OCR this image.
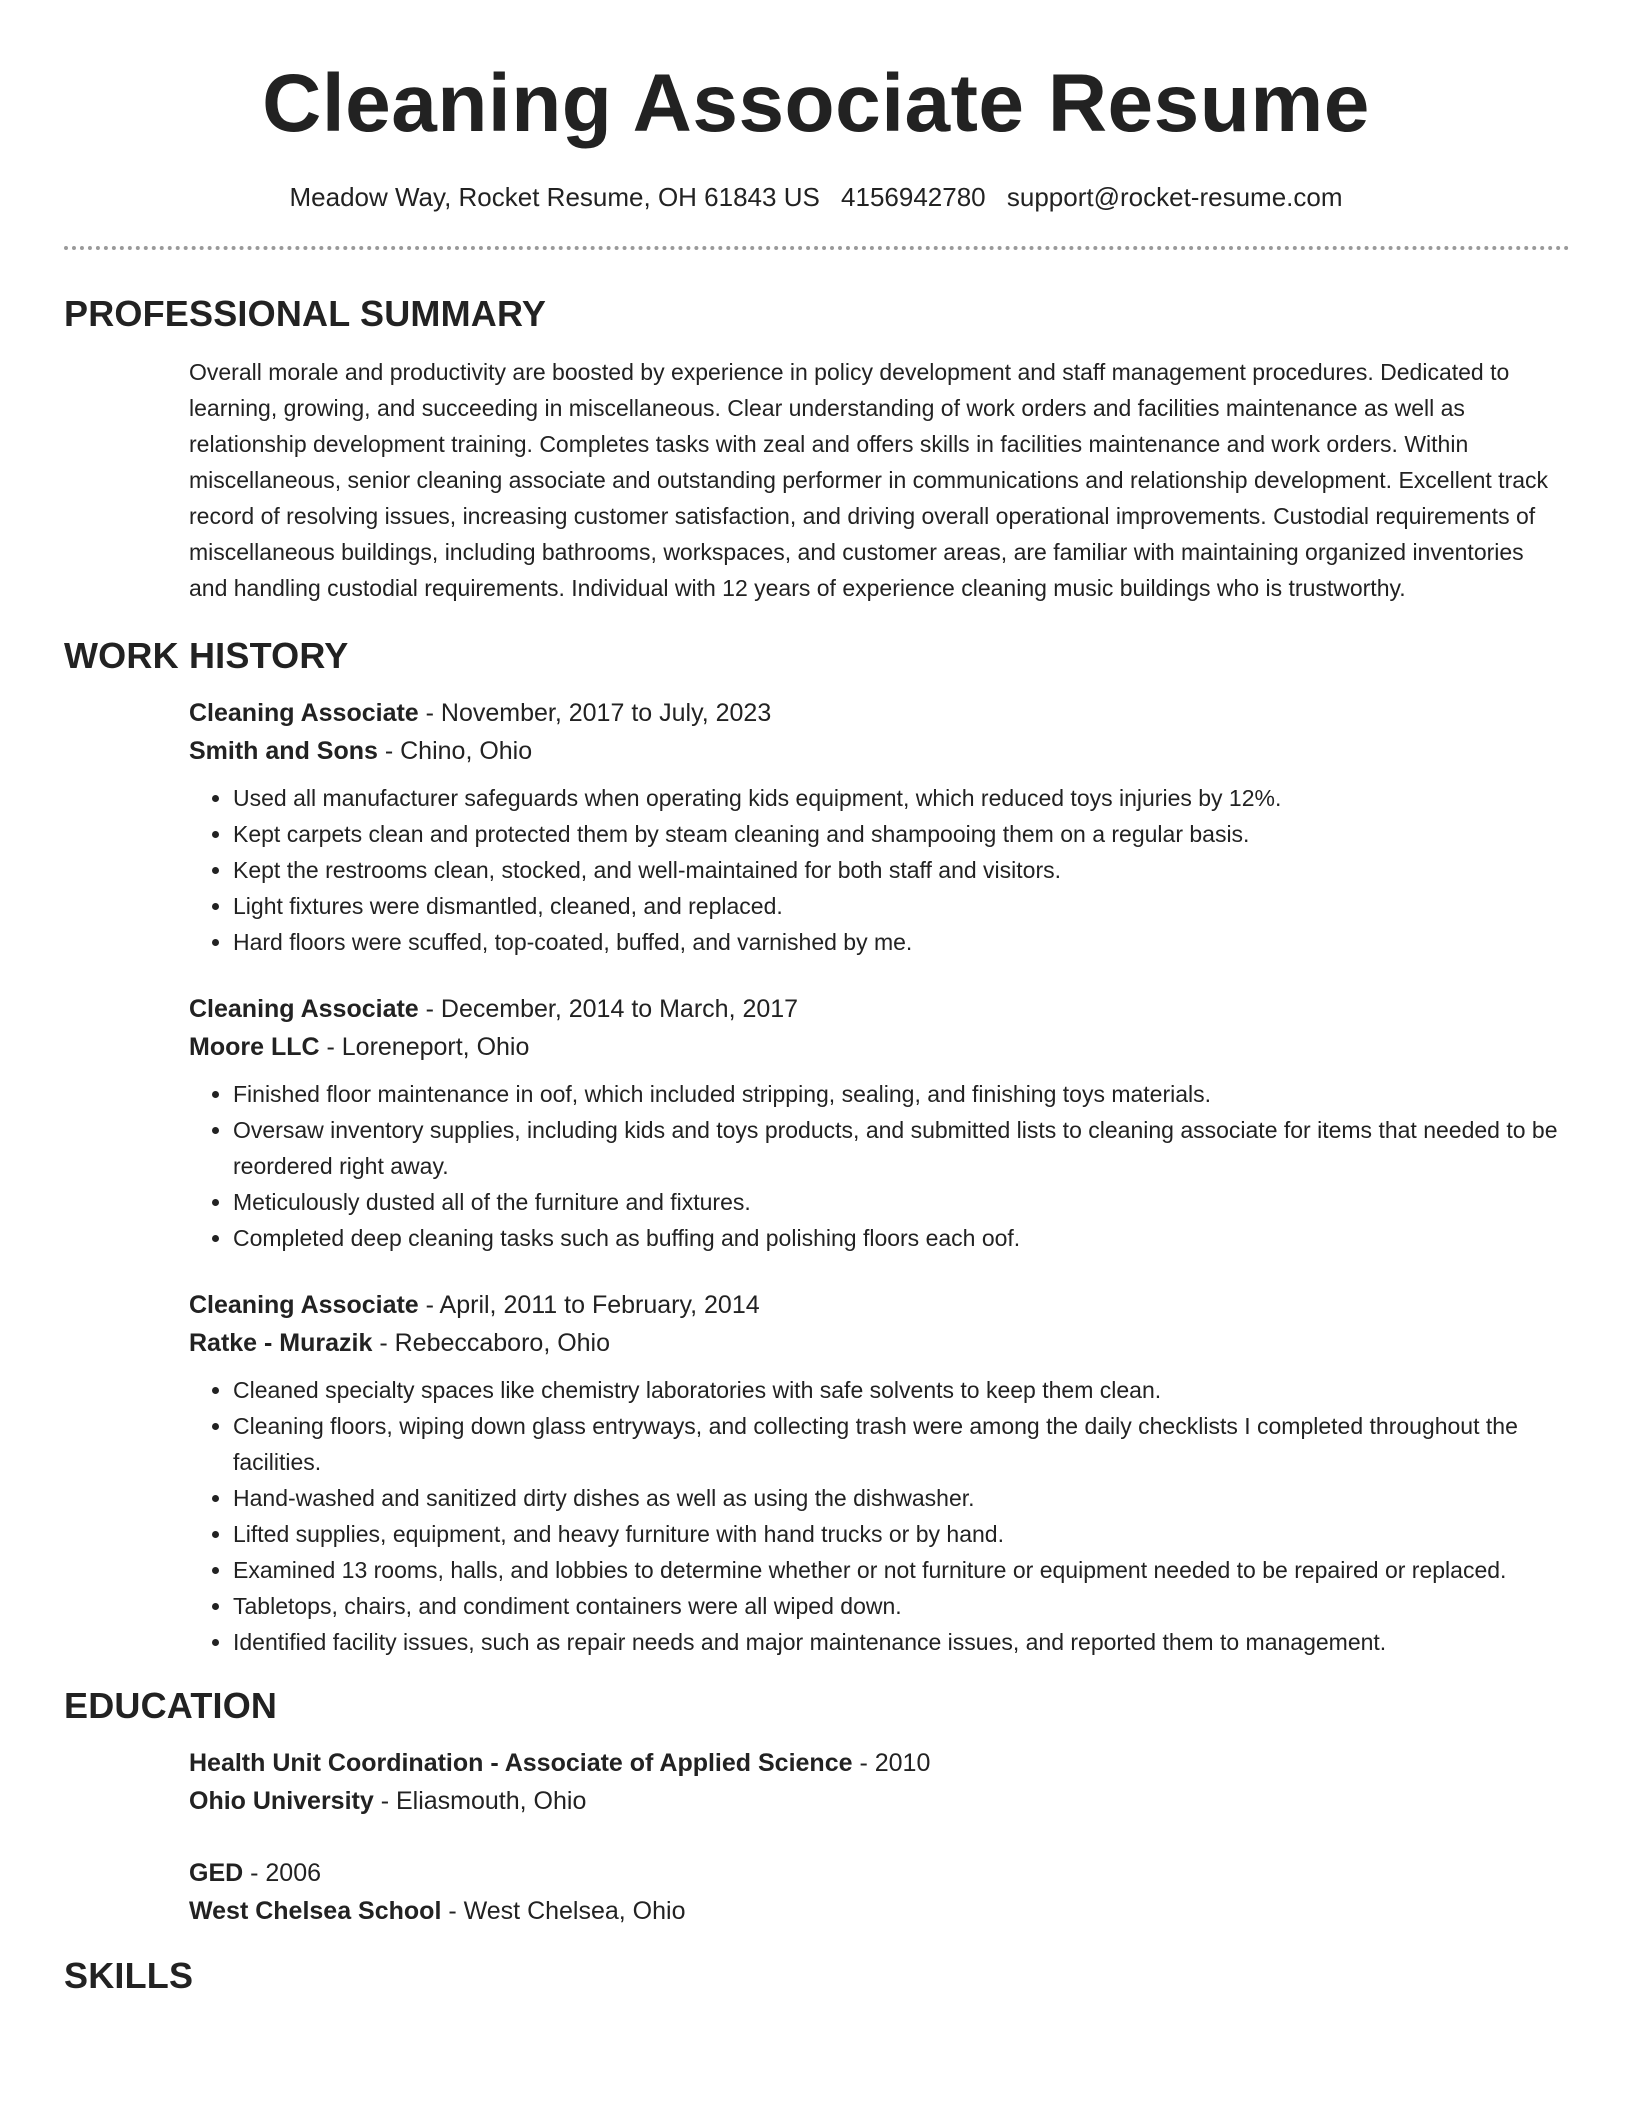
Cleaning Associate Resume
Meadow Way, Rocket Resume, OH 61843 US 4156942780 support@rocket-resume.com
PROFESSIONAL SUMMARY

Overall morale and productivity are boosted by experience in policy development and staff management procedures. Dedicated to learning, growing, and succeeding in miscellaneous. Clear understanding of work orders and facilities maintenance as well as relationship development training. Completes tasks with zeal and offers skills in facilities maintenance and work orders. Within miscellaneous, senior cleaning associate and outstanding performer in communications and relationship development. Excellent track record of resolving issues, increasing customer satisfaction, and driving overall operational improvements. Custodial requirements of miscellaneous buildings, including bathrooms, workspaces, and customer areas, are familiar with maintaining organized inventories and handling custodial requirements. Individual with 12 years of experience cleaning music buildings who is trustworthy.

WORK HISTORY
Cleaning Associate - November, 2017 to July, 2023
Smith and Sons - Chino, Ohio
• Used all manufacturer safeguards when operating kids equipment, which reduced toys injuries by 12%.
• Kept carpets clean and protected them by steam cleaning and shampooing them on a regular basis.
• Kept the restrooms clean, stocked, and well-maintained for both staff and visitors.
• Light fixtures were dismantled, cleaned, and replaced.
• Hard floors were scuffed, top-coated, buffed, and varnished by me.
Cleaning Associate - December, 2014 to March, 2017
Moore LLC - Loreneport, Ohio
• Finished floor maintenance in oof, which included stripping, sealing, and finishing toys materials.
• Oversaw inventory supplies, including kids and toys products, and submitted lists to cleaning associate for items that needed to be reordered right away.
• Meticulously dusted all of the furniture and fixtures.
• Completed deep cleaning tasks such as buffing and polishing floors each oof.
Cleaning Associate - April, 2011 to February, 2014
Ratke - Murazik - Rebeccaboro, Ohio
• Cleaned specialty spaces like chemistry laboratories with safe solvents to keep them clean.
• Cleaning floors, wiping down glass entryways, and collecting trash were among the daily checklists I completed throughout the facilities.
• Hand-washed and sanitized dirty dishes as well as using the dishwasher.
• Lifted supplies, equipment, and heavy furniture with hand trucks or by hand.
• Examined 13 rooms, halls, and lobbies to determine whether or not furniture or equipment needed to be repaired or replaced.
• Tabletops, chairs, and condiment containers were all wiped down.
• Identified facility issues, such as repair needs and major maintenance issues, and reported them to management.
EDUCATION
Health Unit Coordination - Associate of Applied Science - 2010
Ohio University - Eliasmouth, Ohio
GED - 2006
West Chelsea School - West Chelsea, Ohio
SKILLS
